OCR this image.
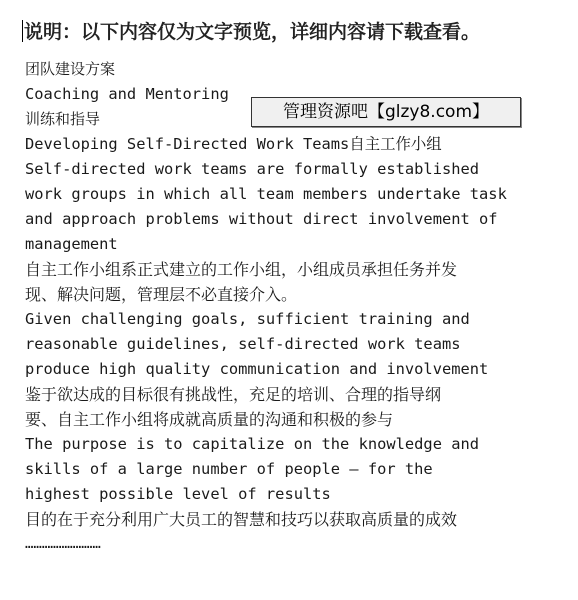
说明：以下内容仅为文字预览，详细内容请下载查看。
团队建设方案
Coaching and Mentoring
训练和指导
Developing Self-Directed Work Teams自主工作小组
Self-directed work teams are formally established
work groups in which all team members undertake task
and approach problems without direct involvement of
management
自主工作小组系正式建立的工作小组，小组成员承担任务并发
现、解决问题，管理层不必直接介入。
Given challenging goals, sufficient training and
reasonable guidelines, self-directed work teams
produce high quality communication and involvement
鉴于欲达成的目标很有挑战性，充足的培训、合理的指导纲
要、自主工作小组将成就高质量的沟通和积极的参与
The purpose is to capitalize on the knowledge and
skills of a large number of people – for the
highest possible level of results
目的在于充分利用广大员工的智慧和技巧以获取高质量的成效
………………………
管理资源吧【glzy8.com】
